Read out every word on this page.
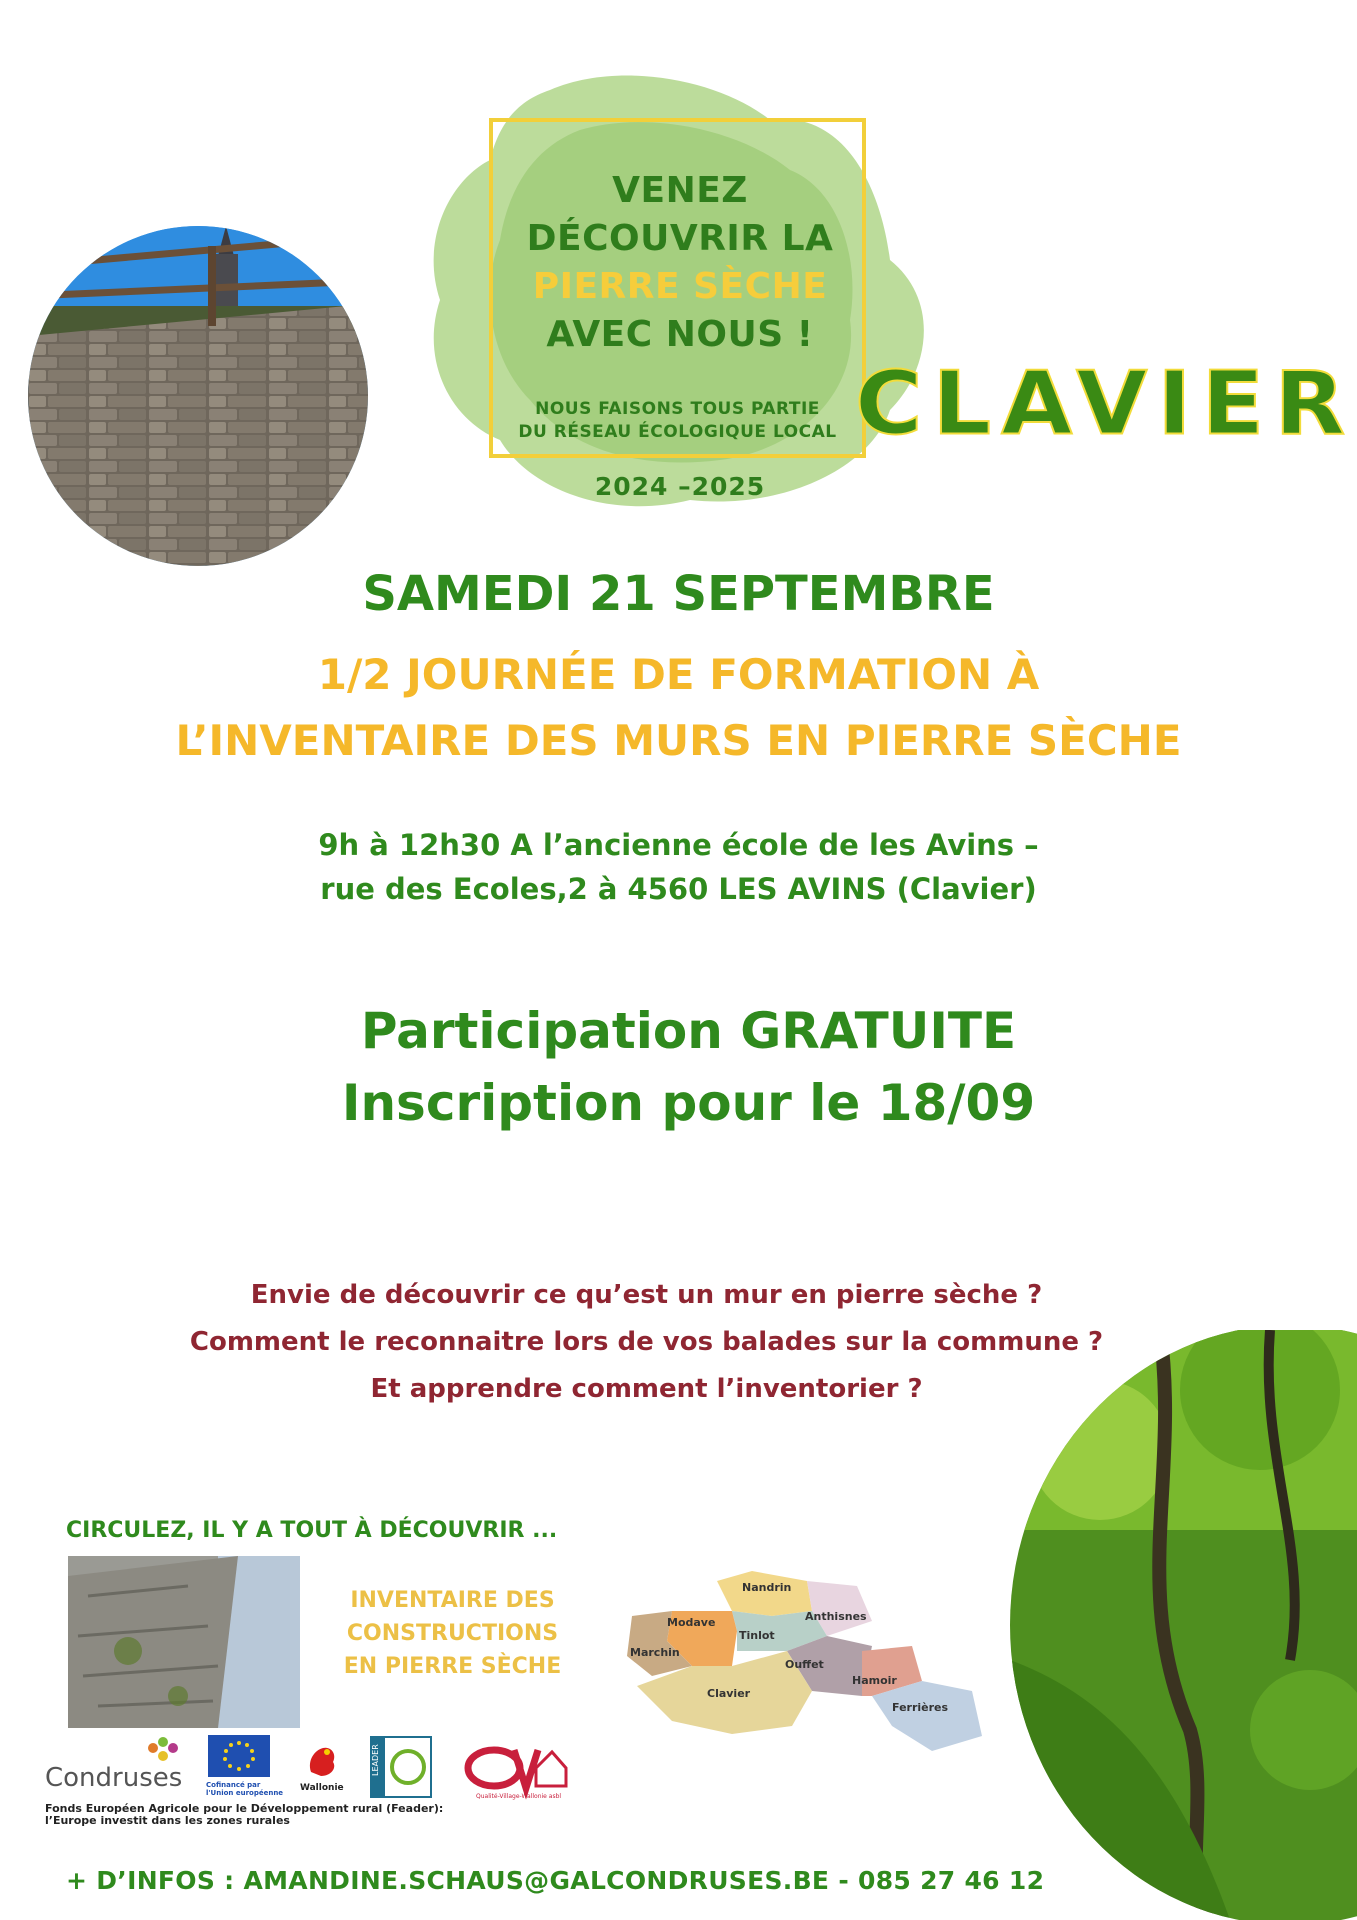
VENEZ
DÉCOUVRIR LA
PIERRE SÈCHE
AVEC NOUS !
NOUS FAISONS TOUS PARTIE
DU RÉSEAU ÉCOLOGIQUE LOCAL
2024 –2025
CLAVIER
SAMEDI 21 SEPTEMBRE
1/2 JOURNÉE DE FORMATION À
L’INVENTAIRE DES MURS EN PIERRE SÈCHE
9h à 12h30 A l’ancienne école de les Avins –
rue des Ecoles,2 à 4560 LES AVINS (Clavier)
Participation GRATUITE
Inscription pour le 18/09
Envie de découvrir ce qu’est un mur en pierre sèche ?
Comment le reconnaitre lors de vos balades sur la commune ?
Et apprendre comment l’inventorier ?
CIRCULEZ, IL Y A TOUT À DÉCOUVRIR ...
INVENTAIRE DES
CONSTRUCTIONS
EN PIERRE SÈCHE
Nandrin
Anthisnes
Modave
Tinlot
Marchin
Ouffet
Clavier
Hamoir
Ferrières
Condruses	Cofinancé par
l'Union européenne Wallonie
LEADER
Qualité-Village-Wallonie asbl
Fonds Européen Agricole pour le Développement rural (Feader):
l’Europe investit dans les zones rurales
+ D’INFOS : AMANDINE.SCHAUS@GALCONDRUSES.BE - 085 27 46 12
